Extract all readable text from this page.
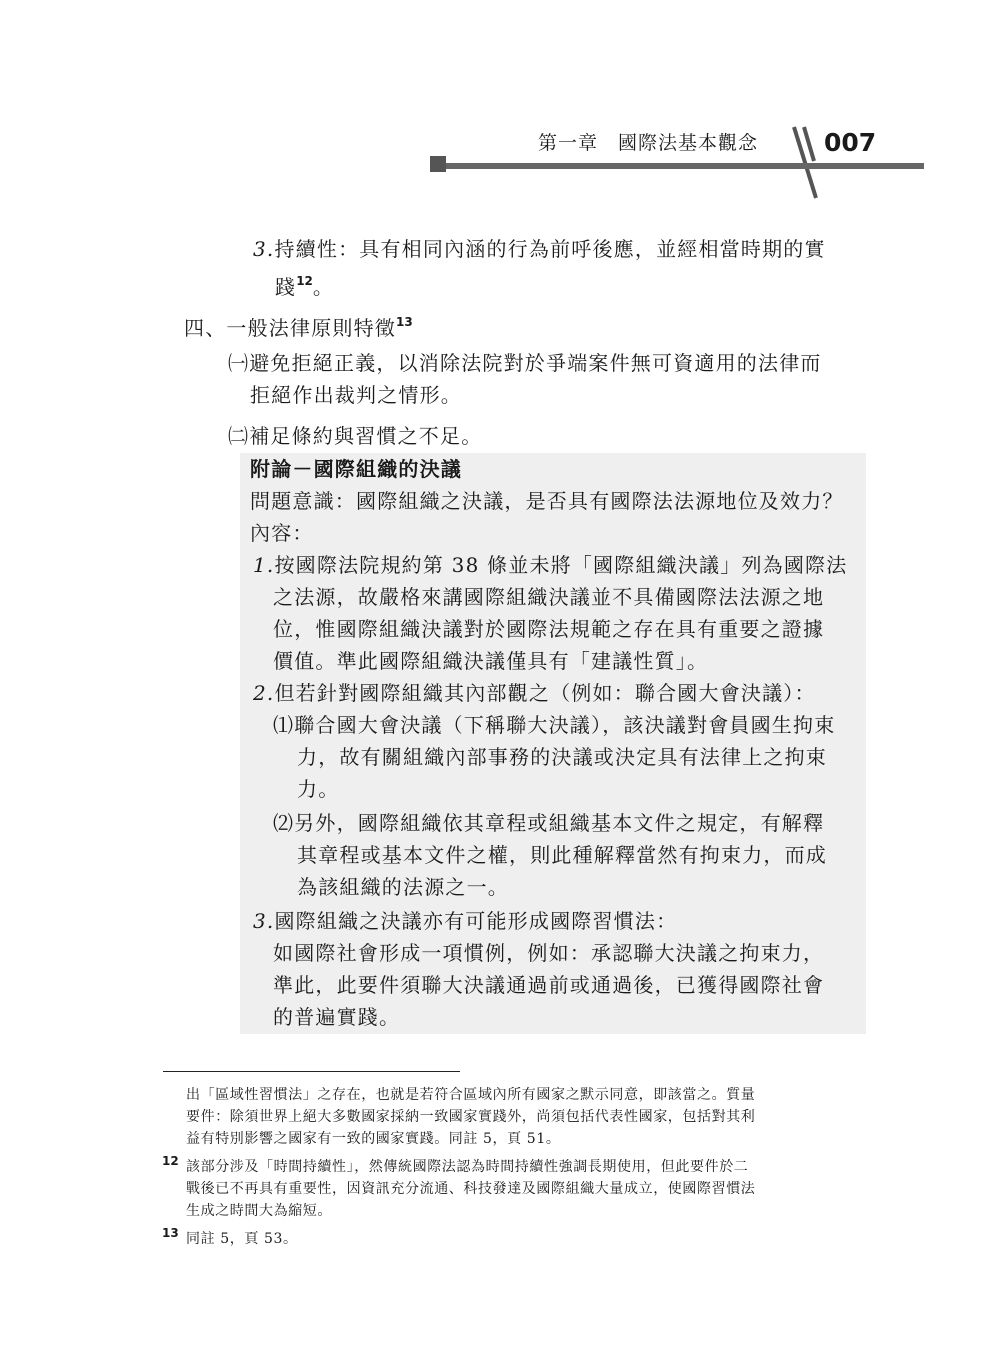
第一章　國際法基本觀念	007
3.持續性：具有相同內涵的行為前呼後應，並經相當時期的實
踐$^{12}$。
四、一般法律原則特徵$^{13}$
㈠避免拒絕正義，以消除法院對於爭端案件無可資適用的法律而
拒絕作出裁判之情形。
㈡補足條約與習慣之不足。
附論－國際組織的決議
問題意識：國際組織之決議，是否具有國際法法源地位及效力？
內容：
1.按國際法院規約第 38 條並未將「國際組織決議」列為國際法
之法源，故嚴格來講國際組織決議並不具備國際法法源之地
位，惟國際組織決議對於國際法規範之存在具有重要之證據
價值。準此國際組織決議僅具有「建議性質」。
2.但若針對國際組織其內部觀之（例如：聯合國大會決議）：
⑴聯合國大會決議（下稱聯大決議），該決議對會員國生拘束
力，故有關組織內部事務的決議或決定具有法律上之拘束
力。
⑵另外，國際組織依其章程或組織基本文件之規定，有解釋
其章程或基本文件之權，則此種解釋當然有拘束力，而成
為該組織的法源之一。
3.國際組織之決議亦有可能形成國際習慣法：
如國際社會形成一項慣例，例如：承認聯大決議之拘束力，
準此，此要件須聯大決議通過前或通過後，已獲得國際社會
的普遍實踐。
出「區域性習慣法」之存在，也就是若符合區域內所有國家之默示同意，即該當之。質量
要件：除須世界上絕大多數國家採納一致國家實踐外，尚須包括代表性國家，包括對其利
益有特別影響之國家有一致的國家實踐。同註 5，頁 51。
12 該部分涉及「時間持續性」，然傳統國際法認為時間持續性強調長期使用，但此要件於二
戰後已不再具有重要性，因資訊充分流通、科技發達及國際組織大量成立，使國際習慣法
生成之時間大為縮短。
13 同註 5，頁 53。
